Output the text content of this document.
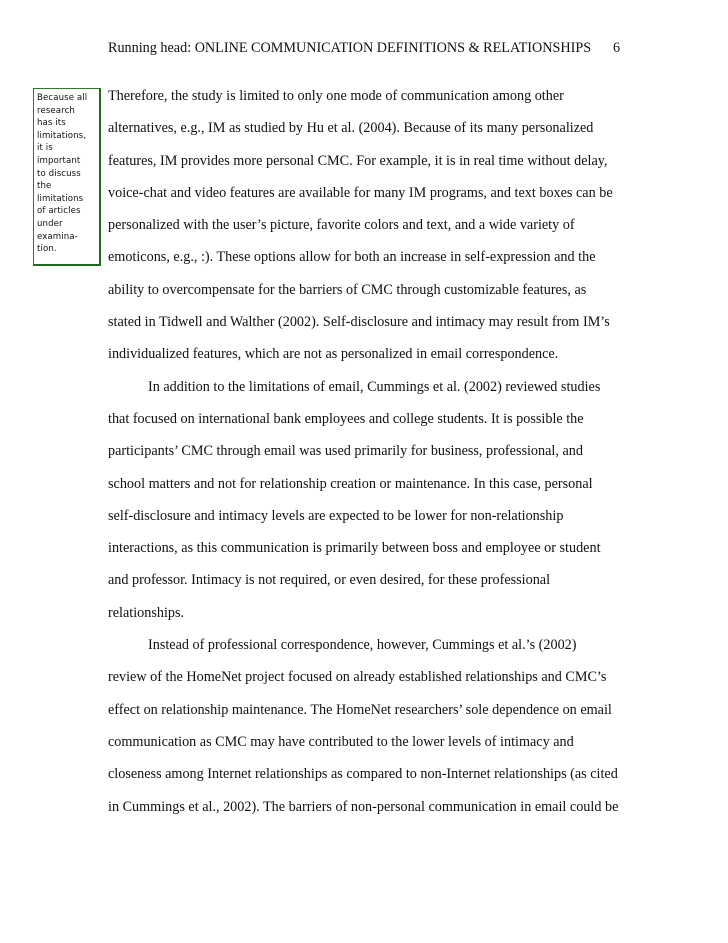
Running head: ONLINE COMMUNICATION DEFINITIONS & RELATIONSHIPS	6
Because all
research
has its
limitations,
it is
important
to discuss
the
limitations
of articles
under
examina-
tion.
Therefore, the study is limited to only one mode of communication among other
alternatives, e.g., IM as studied by Hu et al. (2004). Because of its many personalized
features, IM provides more personal CMC. For example, it is in real time without delay,
voice-chat and video features are available for many IM programs, and text boxes can be
personalized with the user’s picture, favorite colors and text, and a wide variety of
emoticons, e.g., :). These options allow for both an increase in self-expression and the
ability to overcompensate for the barriers of CMC through customizable features, as
stated in Tidwell and Walther (2002). Self-disclosure and intimacy may result from IM’s
individualized features, which are not as personalized in email correspondence.
In addition to the limitations of email, Cummings et al. (2002) reviewed studies
that focused on international bank employees and college students. It is possible the
participants’ CMC through email was used primarily for business, professional, and
school matters and not for relationship creation or maintenance. In this case, personal
self-disclosure and intimacy levels are expected to be lower for non-relationship
interactions, as this communication is primarily between boss and employee or student
and professor. Intimacy is not required, or even desired, for these professional
relationships.
Instead of professional correspondence, however, Cummings et al.’s (2002)
review of the HomeNet project focused on already established relationships and CMC’s
effect on relationship maintenance. The HomeNet researchers’ sole dependence on email
communication as CMC may have contributed to the lower levels of intimacy and
closeness among Internet relationships as compared to non-Internet relationships (as cited
in Cummings et al., 2002). The barriers of non-personal communication in email could be
